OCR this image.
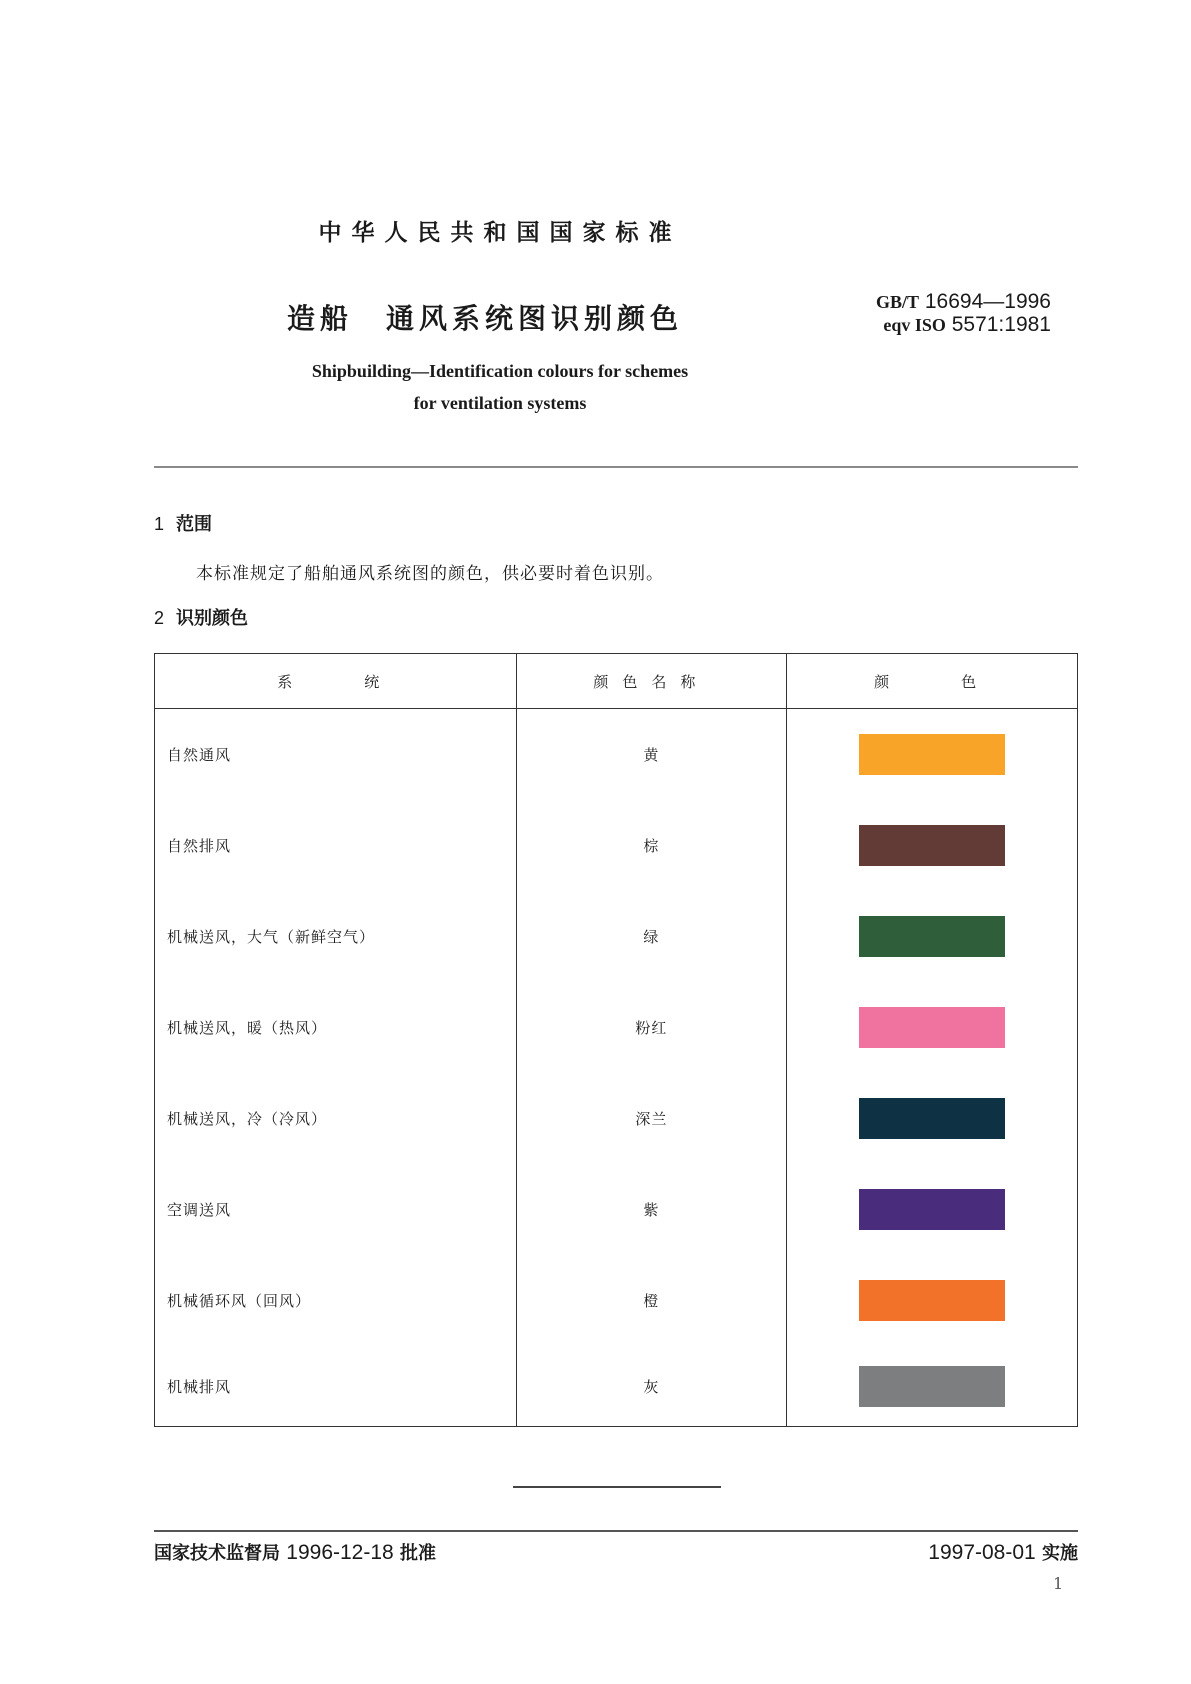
中华人民共和国国家标准
造船　通风系统图识别颜色	GB/T 16694—1996
eqv ISO 5571:1981
Shipbuilding—Identification colours for schemes
for ventilation systems
1 范围
本标准规定了船舶通风系统图的颜色，供必要时着色识别。
2 识别颜色
系　　统	颜色名称	颜　　色
自然通风	黄	

自然排风	棕	

机械送风，大气（新鲜空气）	绿	

机械送风，暖（热风）	粉红	

机械送风，冷（冷风）	深兰	

空调送风	紫	

机械循环风（回风）	橙	

机械排风	灰	
国家技术监督局 1996-12-18 批准	1997-08-01 实施
1
